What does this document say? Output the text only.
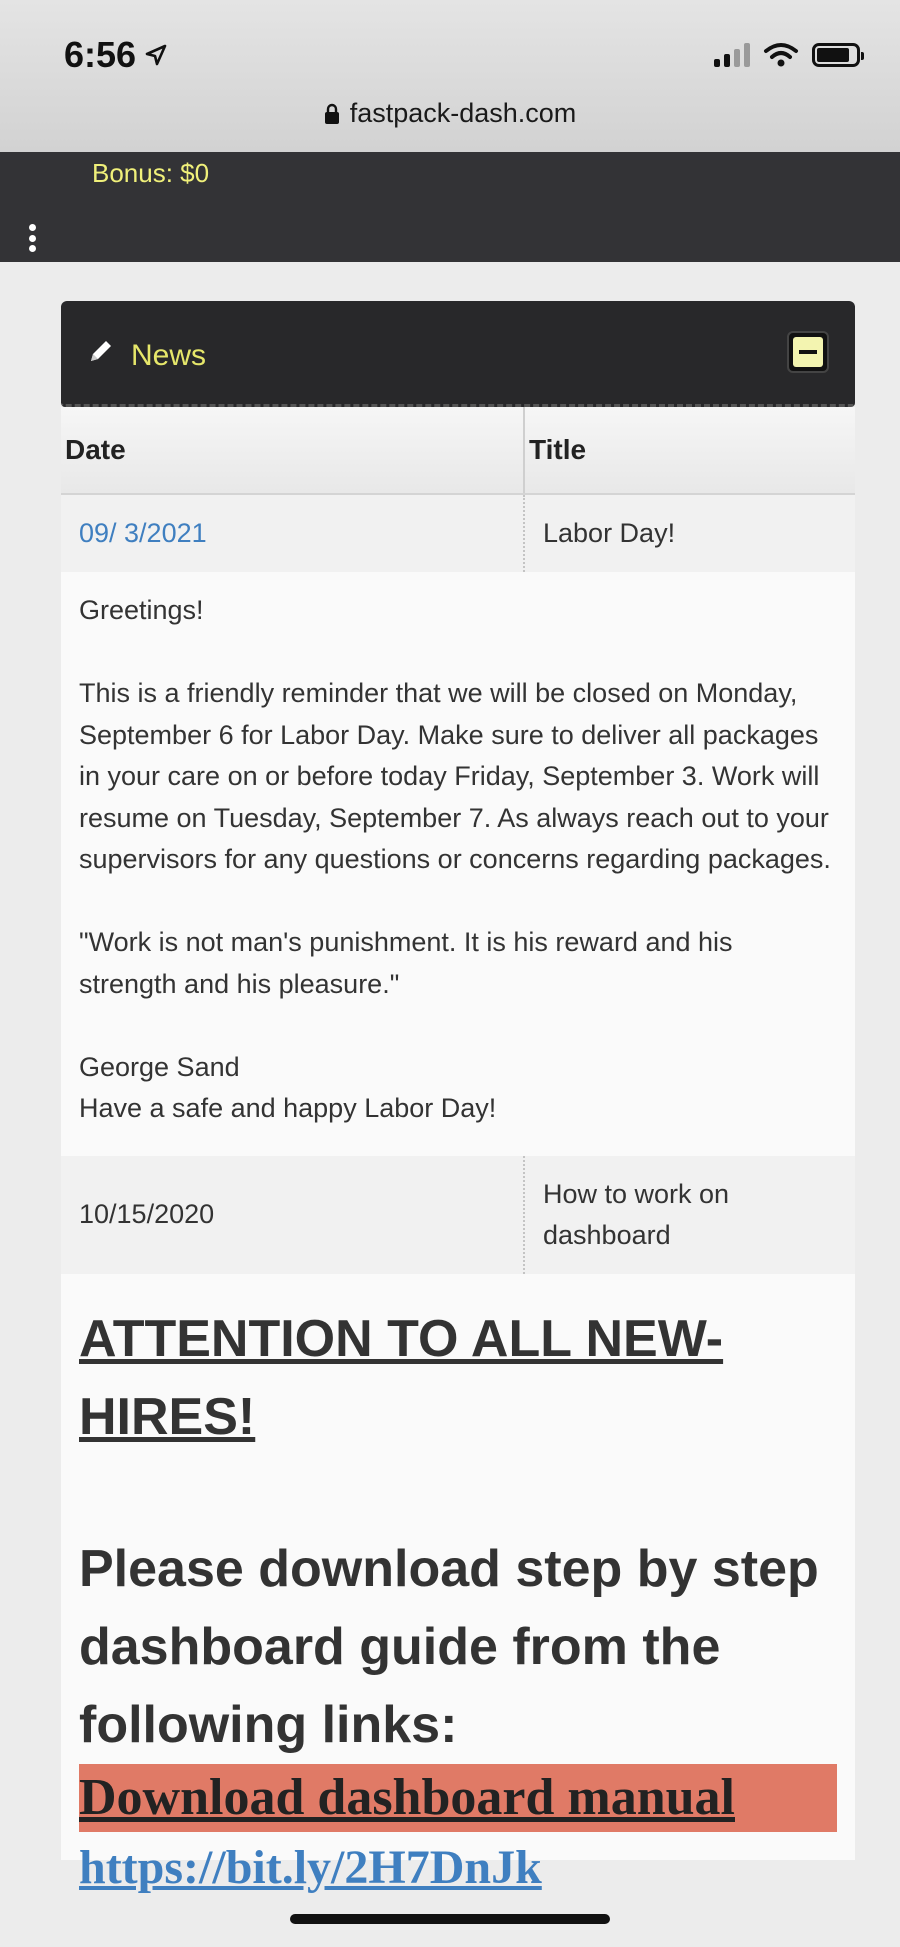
6:56
fastpack-dash.com
Bonus: $0
News
Date	Title
09/ 3/2021	Labor Day!

Greetings!

This is a friendly reminder that we will be closed on Monday, September 6 for Labor Day. Make sure to deliver all packages in your care on or before today Friday, September 3. Work will resume on Tuesday, September 7. As always reach out to your supervisors for any questions or concerns regarding packages.

"Work is not man's punishment. It is his reward and his strength and his pleasure."

George Sand

Have a safe and happy Labor Day!	

10/15/2020	How to work on dashboard

ATTENTION TO ALL NEW-HIRES!

Please download step by step dashboard guide from the following links:

Download dashboard manual
https://bit.ly/2H7DnJk	
